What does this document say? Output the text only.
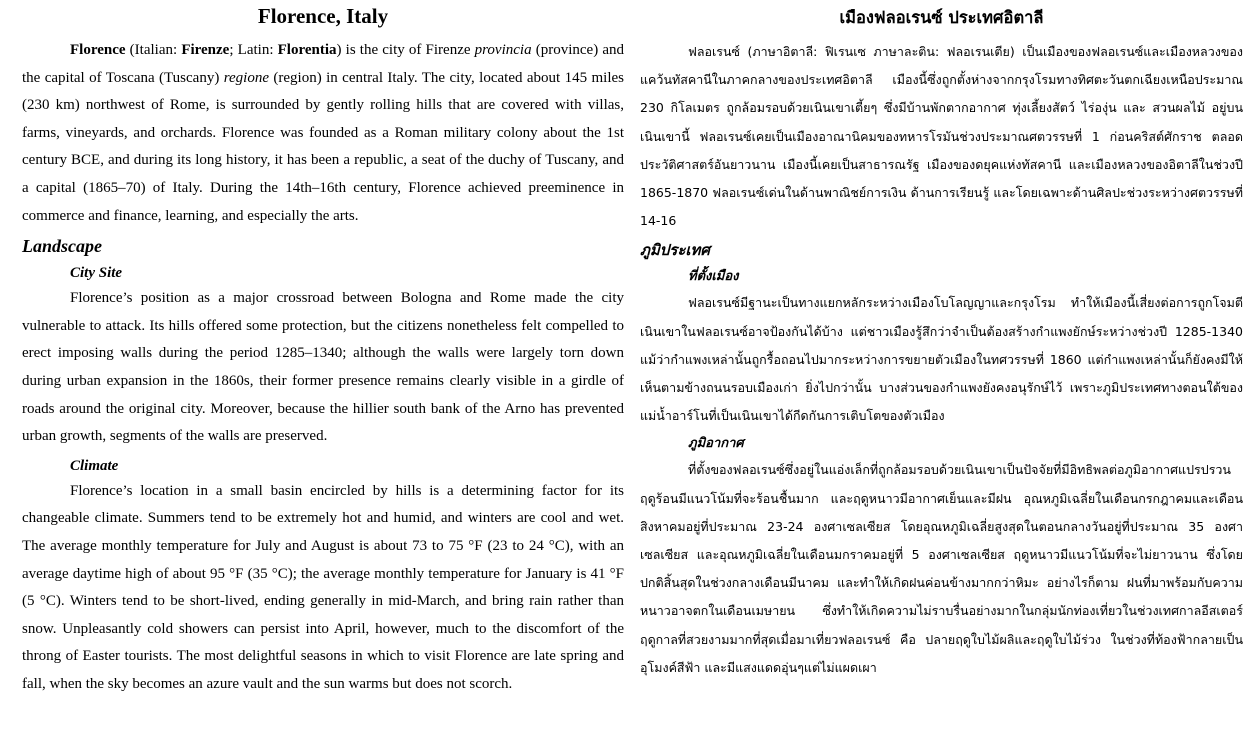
Florence, Italy

Florence (Italian: Firenze; Latin: Florentia) is the city of Firenze provincia (province) and the capital of Toscana (Tuscany) regione (region) in central Italy. The city, located about 145 miles (230 km) northwest of Rome, is surrounded by gently rolling hills that are covered with villas, farms, vineyards, and orchards. Florence was founded as a Roman military colony about the 1st century BCE, and during its long history, it has been a republic, a seat of the duchy of Tuscany, and a capital (1865–70) of Italy. During the 14th–16th century, Florence achieved preeminence in commerce and finance, learning, and especially the arts.

Landscape
City Site

Florence’s position as a major crossroad between Bologna and Rome made the city vulnerable to attack. Its hills offered some protection, but the citizens nonetheless felt compelled to erect imposing walls during the period 1285–1340; although the walls were largely torn down during urban expansion in the 1860s, their former presence remains clearly visible in a girdle of roads around the original city. Moreover, because the hillier south bank of the Arno has prevented urban growth, segments of the walls are preserved.

Climate

Florence’s location in a small basin encircled by hills is a determining factor for its changeable climate. Summers tend to be extremely hot and humid, and winters are cool and wet. The average monthly temperature for July and August is about 73 to 75 °F (23 to 24 °C), with an average daytime high of about 95 °F (35 °C); the average monthly temperature for January is 41 °F (5 °C). Winters tend to be short-lived, ending generally in mid-March, and bring rain rather than snow. Unpleasantly cold showers can persist into April, however, much to the discomfort of the throng of Easter tourists. The most delightful seasons in which to visit Florence are late spring and fall, when the sky becomes an azure vault and the sun warms but does not scorch.

เมืองฟลอเรนซ์ ประเทศอิตาลี

ฟลอเรนซ์ (ภาษาอิตาลี: ฟิเรนเซ ภาษาละติน: ฟลอเรนเตีย) เป็นเมืองของฟลอเรนซ์และเมืองหลวงของแคว้นทัสคานีในภาคกลางของประเทศอิตาลี เมืองนี้ซึ่งถูกตั้งห่างจากกรุงโรมทางทิศตะวันตกเฉียงเหนือประมาณ 230 กิโลเมตร ถูกล้อมรอบด้วยเนินเขาเตี้ยๆ ซึ่งมีบ้านพักตากอากาศ ทุ่งเลี้ยงสัตว์ ไร่องุ่น และ สวนผลไม้ อยู่บนเนินเขานี้ ฟลอเรนซ์เคยเป็นเมืองอาณานิคมของทหารโรมันช่วงประมาณศตวรรษที่ 1 ก่อนคริสต์ศักราช ตลอดประวัติศาสตร์อันยาวนาน เมืองนี้เคยเป็นสาธารณรัฐ เมืองของดยุคแห่งทัสคานี และเมืองหลวงของอิตาลีในช่วงปี 1865-1870 ฟลอเรนซ์เด่นในด้านพาณิชย์การเงิน ด้านการเรียนรู้ และโดยเฉพาะด้านศิลปะช่วงระหว่างศตวรรษที่ 14-16

ภูมิประเทศ
ที่ตั้งเมือง

ฟลอเรนซ์มีฐานะเป็นทางแยกหลักระหว่างเมืองโบโลญญาและกรุงโรม ทำให้เมืองนี้เสี่ยงต่อการถูกโจมตี เนินเขาในฟลอเรนซ์อาจป้องกันได้บ้าง แต่ชาวเมืองรู้สึกว่าจำเป็นต้องสร้างกำแพงยักษ์ระหว่างช่วงปี 1285-1340 แม้ว่ากำแพงเหล่านั้นถูกรื้อถอนไปมากระหว่างการขยายตัวเมืองในทศวรรษที่ 1860 แต่กำแพงเหล่านั้นก็ยังคงมีให้เห็นตามข้างถนนรอบเมืองเก่า ยิ่งไปกว่านั้น บางส่วนของกำแพงยังคงอนุรักษ์ไว้ เพราะภูมิประเทศทางตอนใต้ของแม่น้ำอาร์โนที่เป็นเนินเขาได้กีดกันการเติบโตของตัวเมือง

ภูมิอากาศ

ที่ตั้งของฟลอเรนซ์ซึ่งอยู่ในแอ่งเล็กที่ถูกล้อมรอบด้วยเนินเขาเป็นปัจจัยที่มีอิทธิพลต่อภูมิอากาศแปรปรวน ฤดูร้อนมีแนวโน้มที่จะร้อนชื้นมาก และฤดูหนาวมีอากาศเย็นและมีฝน อุณหภูมิเฉลี่ยในเดือนกรกฎาคมและเดือนสิงหาคมอยู่ที่ประมาณ 23-24 องศาเซลเซียส โดยอุณหภูมิเฉลี่ยสูงสุดในตอนกลางวันอยู่ที่ประมาณ 35 องศาเซลเซียส และอุณหภูมิเฉลี่ยในเดือนมกราคมอยู่ที่ 5 องศาเซลเซียส ฤดูหนาวมีแนวโน้มที่จะไม่ยาวนาน ซึ่งโดยปกติสิ้นสุดในช่วงกลางเดือนมีนาคม และทำให้เกิดฝนค่อนข้างมากกว่าหิมะ อย่างไรก็ตาม ฝนที่มาพร้อมกับความหนาวอาจตกในเดือนเมษายน ซึ่งทำให้เกิดความไม่ราบรื่นอย่างมากในกลุ่มนักท่องเที่ยวในช่วงเทศกาลอีสเตอร์ ฤดูกาลที่สวยงามมากที่สุดเมื่อมาเที่ยวฟลอเรนซ์ คือ ปลายฤดูใบไม้ผลิและฤดูใบไม้ร่วง ในช่วงที่ท้องฟ้ากลายเป็นอุโมงค์สีฟ้า และมีแสงแดดอุ่นๆแต่ไม่แผดเผา
